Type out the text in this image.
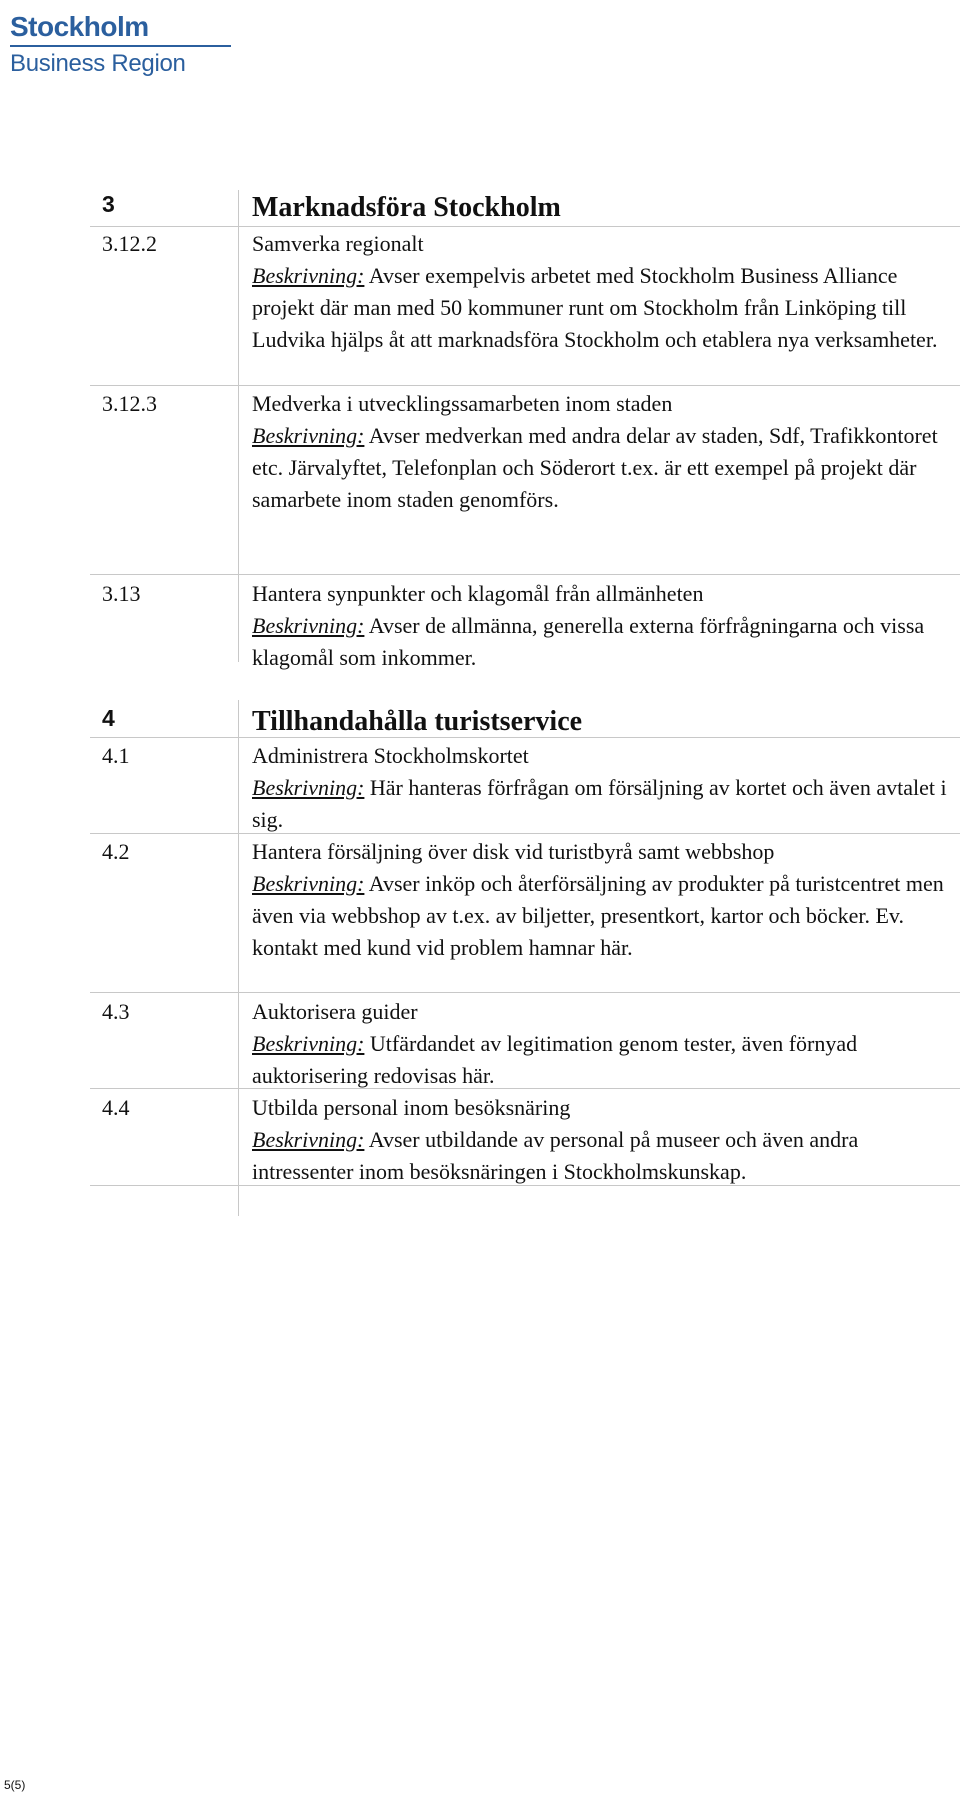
Stockholm
Business Region
3	Marknadsföra Stockholm
3.12.2	Samverka regionalt
Beskrivning: Avser exempelvis arbetet med Stockholm Business Alliance projekt där man med 50 kommuner runt om Stockholm från Linköping till Ludvika hjälps åt att marknadsföra Stockholm och etablera nya verksamheter.
3.12.3	Medverka i utvecklingssamarbeten inom staden
Beskrivning: Avser medverkan med andra delar av staden, Sdf, Trafikkontoret etc. Järvalyftet, Telefonplan och Söderort t.ex. är ett exempel på projekt där samarbete inom staden genomförs.
3.13	Hantera synpunkter och klagomål från allmänheten
Beskrivning: Avser de allmänna, generella externa förfrågningarna och vissa klagomål som inkommer.
4	Tillhandahålla turistservice
4.1	Administrera Stockholmskortet
Beskrivning: Här hanteras förfrågan om försäljning av kortet och även avtalet i sig.
4.2	Hantera försäljning över disk vid turistbyrå samt webbshop
Beskrivning: Avser inköp och återförsäljning av produkter på turistcentret men även via webbshop av t.ex. av biljetter, presentkort, kartor och böcker. Ev. kontakt med kund vid problem hamnar här.
4.3	Auktorisera guider
Beskrivning: Utfärdandet av legitimation genom tester, även förnyad auktorisering redovisas här.
4.4	Utbilda personal inom besöksnäring
Beskrivning: Avser utbildande av personal på museer och även andra intressenter inom besöksnäringen i Stockholmskunskap.
5(5)
